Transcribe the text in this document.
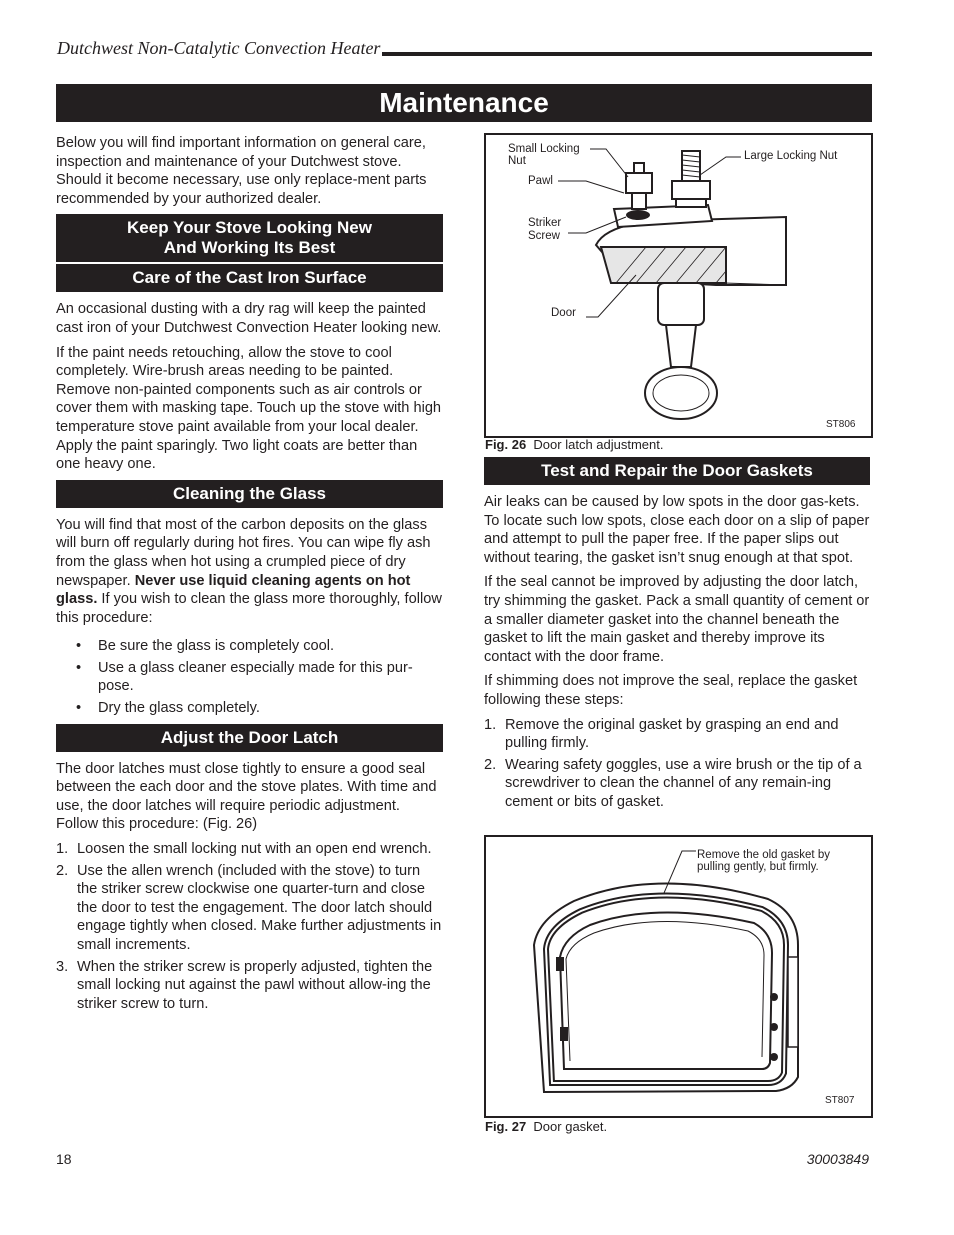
Dutchwest Non-Catalytic Convection Heater
Maintenance

Below you will find important information on general care, inspection and maintenance of your Dutchwest stove. Should it become necessary, use only replace-ment parts recommended by your authorized dealer.

Keep Your Stove Looking New
And Working Its Best
Care of the Cast Iron Surface

An occasional dusting with a dry rag will keep the painted cast iron of your Dutchwest Convection Heater looking new.

If the paint needs retouching, allow the stove to cool completely. Wire-brush areas needing to be painted. Remove non-painted components such as air controls or cover them with masking tape. Touch up the stove with high temperature stove paint available from your local dealer. Apply the paint sparingly. Two light coats are better than one heavy one.

Cleaning the Glass

You will find that most of the carbon deposits on the glass will burn off regularly during hot fires. You can wipe fly ash from the glass when hot using a crumpled piece of dry newspaper. Never use liquid cleaning agents on hot glass. If you wish to clean the glass more thoroughly, follow this procedure:

• Be sure the glass is completely cool.
• Use a glass cleaner especially made for this pur-pose.
• Dry the glass completely.
Adjust the Door Latch

The door latches must close tightly to ensure a good seal between the each door and the stove plates. With time and use, the door latches will require periodic adjustment. Follow this procedure: (Fig. 26)

1. Loosen the small locking nut with an open end wrench.
2. Use the allen wrench (included with the stove) to turn the striker screw clockwise one quarter-turn and close the door to test the engagement. The door latch should engage tightly when closed. Make further adjustments in small increments.
3. When the striker screw is properly adjusted, tighten the small locking nut against the pawl without allow-ing the striker screw to turn.
Small Locking
Nut
Pawl
Striker
Screw
Door
Large Locking Nut
ST806
Fig. 26 Door latch adjustment.
Test and Repair the Door Gaskets

Air leaks can be caused by low spots in the door gas-kets. To locate such low spots, close each door on a slip of paper and attempt to pull the paper free. If the paper slips out without tearing, the gasket isn’t snug enough at that spot.

If the seal cannot be improved by adjusting the door latch, try shimming the gasket. Pack a small quantity of cement or a smaller diameter gasket into the channel beneath the gasket to lift the main gasket and thereby improve its contact with the door frame.

If shimming does not improve the seal, replace the gasket following these steps:

1. Remove the original gasket by grasping an end and pulling firmly.
2. Wearing safety goggles, use a wire brush or the tip of a screwdriver to clean the channel of any remain-ing cement or bits of gasket.
Remove the old gasket by
pulling gently, but firmly.
ST807
Fig. 27 Door gasket.
18	30003849
